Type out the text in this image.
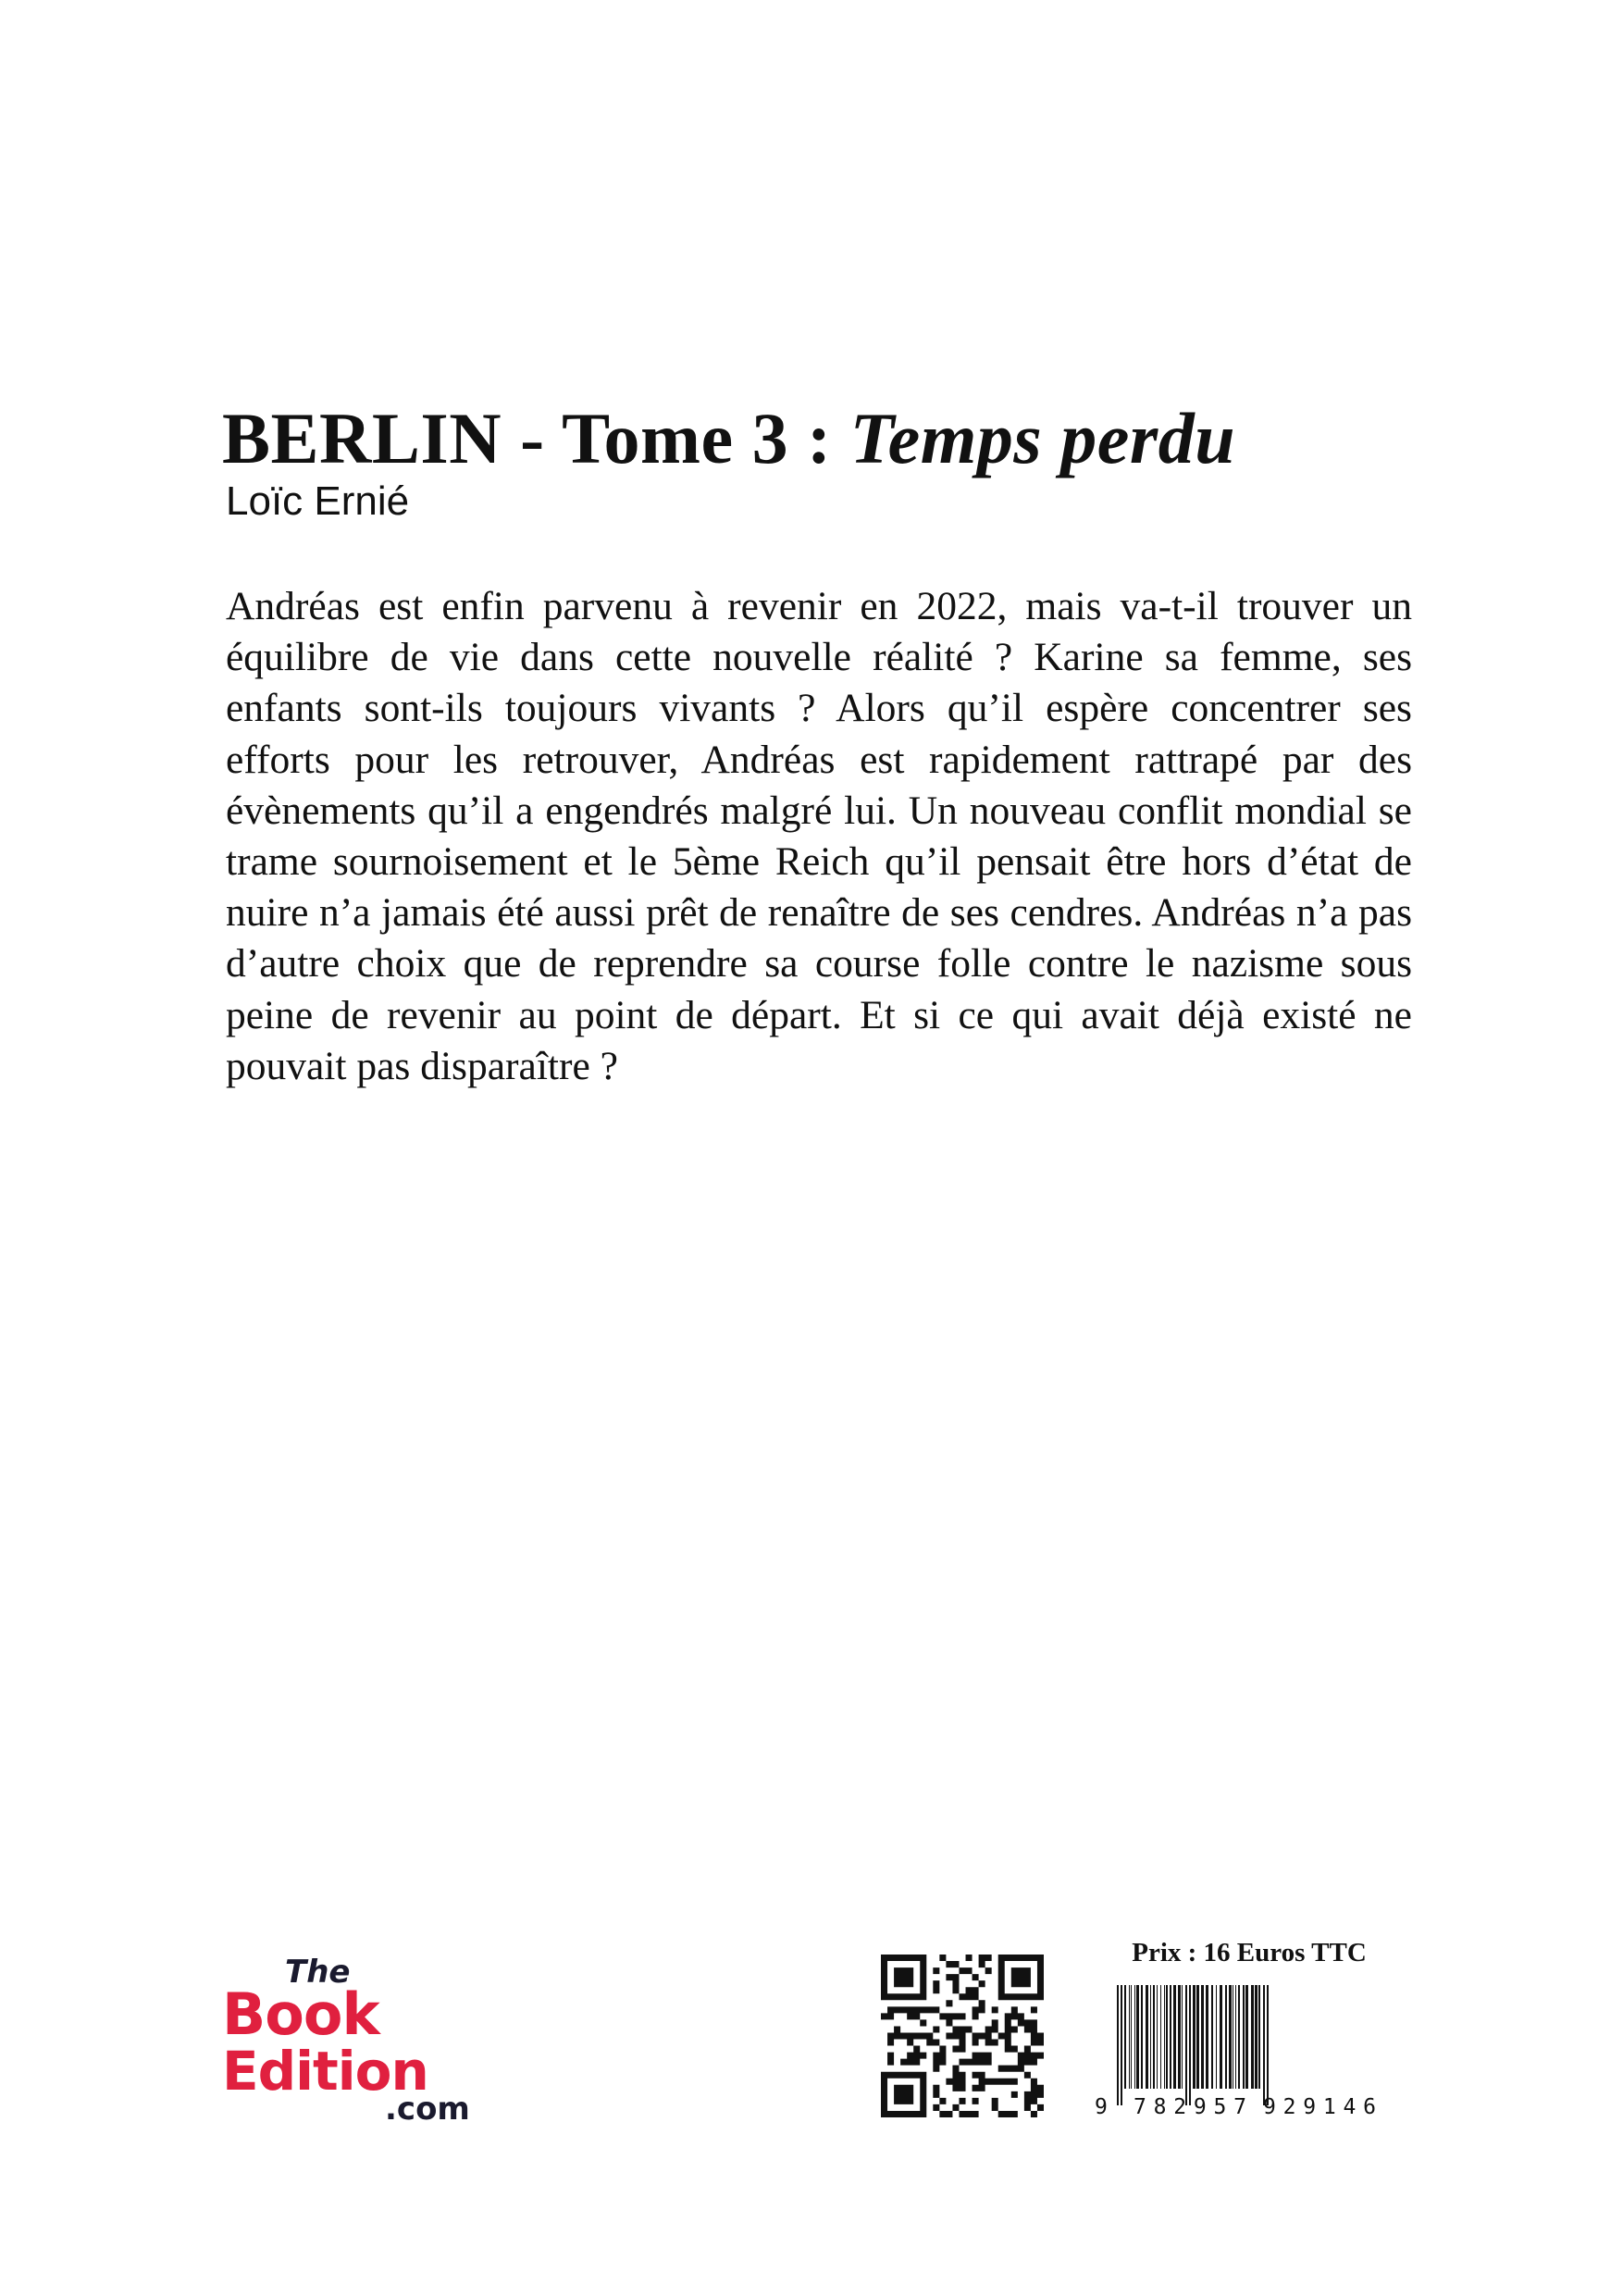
BERLIN - Tome 3 : Temps perdu
Loïc Ernié

Andréas est enfin parvenu à revenir en 2022, mais va-t-il trouver un équilibre de vie dans cette nouvelle réalité ? Karine sa femme, ses enfants sont-ils toujours vivants ? Alors qu’il espère concentrer ses efforts pour les retrouver, Andréas est rapidement rattrapé par des évènements qu’il a engendrés malgré lui. Un nouveau conflit mondial se trame sournoisement et le 5ème Reich qu’il pensait être hors d’état de nuire n’a jamais été aussi prêt de renaître de ses cendres. Andréas n’a pas d’autre choix que de reprendre sa course folle contre le nazisme sous peine de revenir au point de départ. Et si ce qui avait déjà existé ne pouvait pas disparaître ?

The
Book
Edition
.com
Prix : 16 Euros TTC
9 782957 929146
